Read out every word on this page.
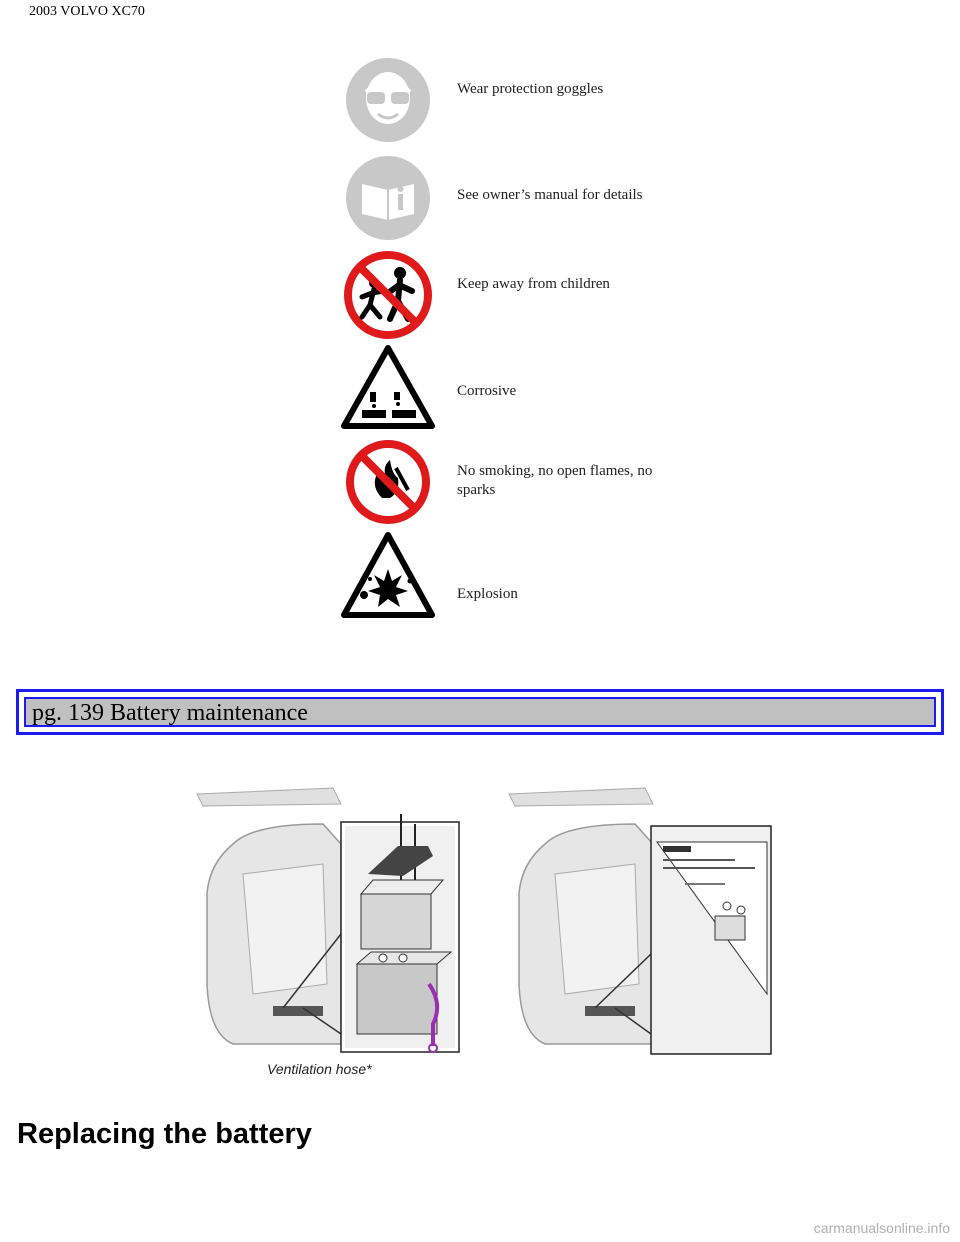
2003 VOLVO XC70
Wear protection goggles
See owner’s manual for details
Keep away from children
Corrosive
No smoking, no open flames, no sparks
Explosion
pg. 139 Battery maintenance
Ventilation hose*
Replacing the battery
carmanualsonline.info
